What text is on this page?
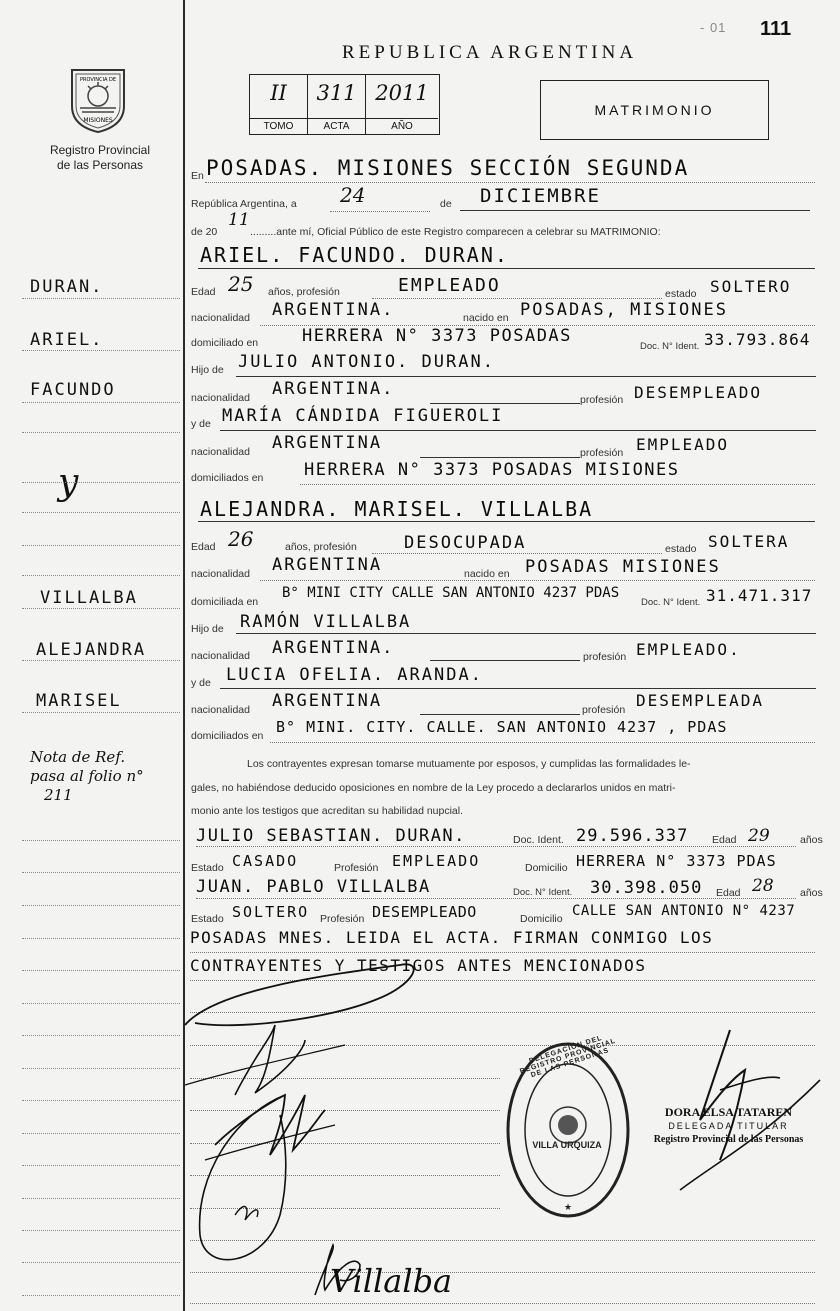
- 01 111
REPUBLICA ARGENTINA
PROVINCIA DE
MISIONES
Registro Provincial
de las Personas
II
TOMO
311
ACTA
2011
AÑO
MATRIMONIO
DURAN.
ARIEL.
FACUNDO
y
VILLALBA
ALEJANDRA
MARISEL
Nota de Ref.
pasa al folio n°
211
En POSADAS. MISIONES SECCIÓN SEGUNDA
República Argentina, a 24	de DICIEMBRE
de 20
11
.........ante mí, Oficial Público de este Registro comparecen a celebrar su MATRIMONIO:
ARIEL. FACUNDO. DURAN.
Edad 25 años, profesión	EMPLEADO	estado SOLTERO
nacionalidad ARGENTINA.	nacido en POSADAS, MISIONES
domiciliado en	HERRERA N° 3373 POSADAS
Doc. N° Ident. 33.793.864
Hijo de JULIO ANTONIO. DURAN.
nacionalidad ARGENTINA.
profesión DESEMPLEADO
y de MARÍA CÁNDIDA FIGUEROLI
nacionalidad ARGENTINA	profesión EMPLEADO
domiciliados en HERRERA N° 3373 POSADAS MISIONES
ALEJANDRA. MARISEL. VILLALBA
Edad 26	años, profesión	DESOCUPADA	estado SOLTERA
nacionalidad ARGENTINA	nacido en POSADAS MISIONES
domiciliada en
B° MINI CITY CALLE SAN ANTONIO 4237 PDAS
Doc. N° Ident. 31.471.317
Hijo de RAMÓN VILLALBA
nacionalidad ARGENTINA.	profesión EMPLEADO.
y de LUCIA OFELIA. ARANDA.
nacionalidad ARGENTINA	profesión DESEMPLEADA
domiciliados en B° MINI. CITY. CALLE. SAN ANTONIO 4237 , PDAS
Los contrayentes expresan tomarse mutuamente por esposos, y cumplidas las formalidades le-
gales, no habiéndose deducido oposiciones en nombre de la Ley procedo a declararlos unidos en matri-
monio ante los testigos que acreditan su habilidad nupcial.
JULIO SEBASTIAN. DURAN.	Doc. Ident. 29.596.337 Edad 29	años
Estado CASADO	Profesión EMPLEADO	Domicilio HERRERA N° 3373 PDAS
JUAN. PABLO VILLALBA	Doc. N° Ident. 30.398.050 Edad 28	años
Estado SOLTERO Profesión DESEMPLEADO	Domicilio CALLE SAN ANTONIO N° 4237
POSADAS MNES. LEIDA EL ACTA. FIRMAN CONMIGO LOS
CONTRAYENTES Y TESTIGOS ANTES MENCIONADOS
Villalba
★
DELEGACIÓN DEL REGISTRO PROVINCIAL DE LAS PERSONAS
VILLA URQUIZA
DORA ELSA TATAREN
DELEGADA TITULAR
Registro Provincial de las Personas
